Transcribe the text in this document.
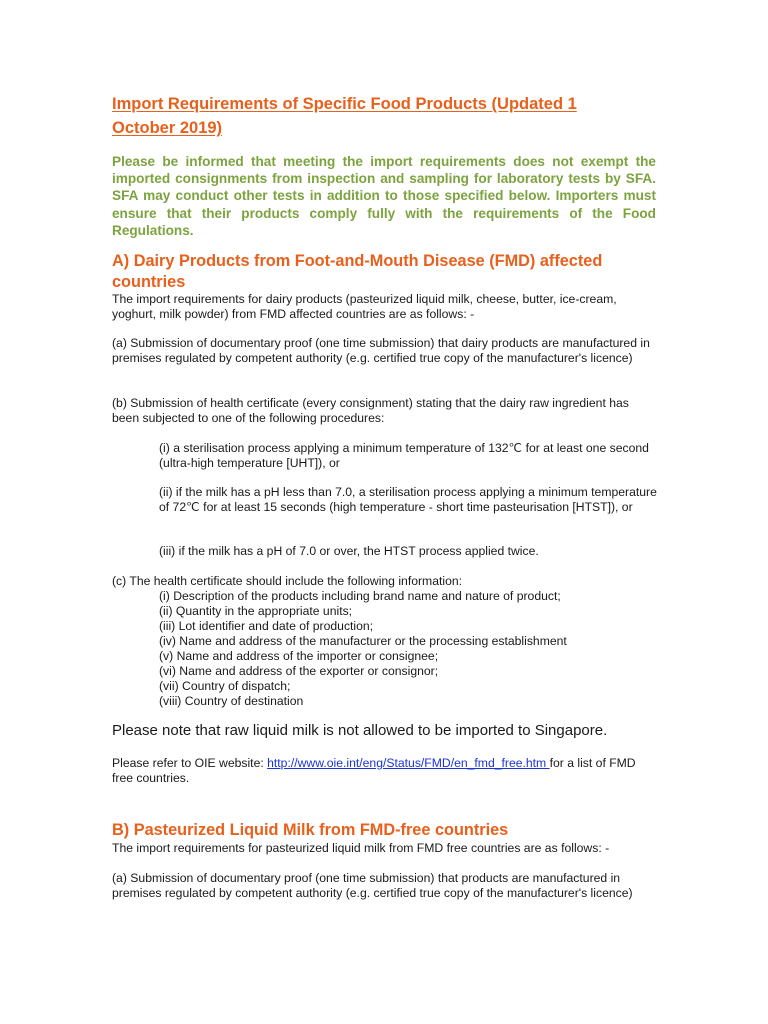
Import Requirements of Specific Food Products (Updated 1 October 2019)
Please be informed that meeting the import requirements does not exempt the imported consignments from inspection and sampling for laboratory tests by SFA. SFA may conduct other tests in addition to those specified below. Importers must ensure that their products comply fully with the requirements of the Food Regulations.
A) Dairy Products from Foot-and-Mouth Disease (FMD) affected countries
The import requirements for dairy products (pasteurized liquid milk, cheese, butter, ice-cream, yoghurt, milk powder) from FMD affected countries are as follows: -
(a) Submission of documentary proof (one time submission) that dairy products are manufactured in premises regulated by competent authority (e.g. certified true copy of the manufacturer's licence)
(b) Submission of health certificate (every consignment) stating that the dairy raw ingredient has been subjected to one of the following procedures:
(i) a sterilisation process applying a minimum temperature of 132℃ for at least one second (ultra-high temperature [UHT]), or
(ii) if the milk has a pH less than 7.0, a sterilisation process applying a minimum temperature of 72℃ for at least 15 seconds (high temperature - short time pasteurisation [HTST]), or
(iii) if the milk has a pH of 7.0 or over, the HTST process applied twice.
(c) The health certificate should include the following information:
(i) Description of the products including brand name and nature of product;
(ii) Quantity in the appropriate units;
(iii) Lot identifier and date of production;
(iv) Name and address of the manufacturer or the processing establishment
(v) Name and address of the importer or consignee;
(vi) Name and address of the exporter or consignor;
(vii) Country of dispatch;
(viii) Country of destination
Please note that raw liquid milk is not allowed to be imported to Singapore.
Please refer to OIE website: http://www.oie.int/eng/Status/FMD/en_fmd_free.htm for a list of FMD free countries.
B) Pasteurized Liquid Milk from FMD-free countries
The import requirements for pasteurized liquid milk from FMD free countries are as follows: -
(a) Submission of documentary proof (one time submission) that products are manufactured in premises regulated by competent authority (e.g. certified true copy of the manufacturer's licence)
